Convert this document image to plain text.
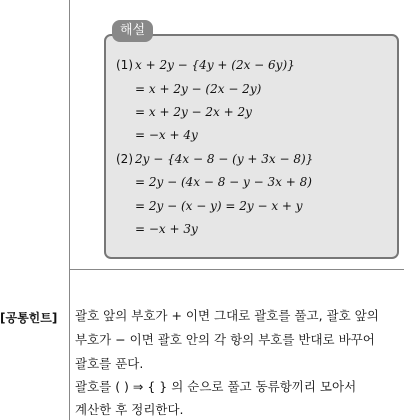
해설
(1) x + 2y − {4y + (2x − 6y)}
= x + 2y − (2x − 2y)
= x + 2y − 2x + 2y
= −x + 4y
(2) 2y − {4x − 8 − (y + 3x − 8)}
= 2y − (4x − 8 − y − 3x + 8)
= 2y − (x − y) = 2y − x + y
= −x + 3y
[공통힌트] 괄호 앞의 부호가 + 이면 그대로 괄호를 풀고, 괄호 앞의
부호가 − 이면 괄호 안의 각 항의 부호를 반대로 바꾸어
괄호를 푼다.
괄호를 ( ) ⇒ { } 의 순으로 풀고 동류항끼리 모아서
계산한 후 정리한다.
